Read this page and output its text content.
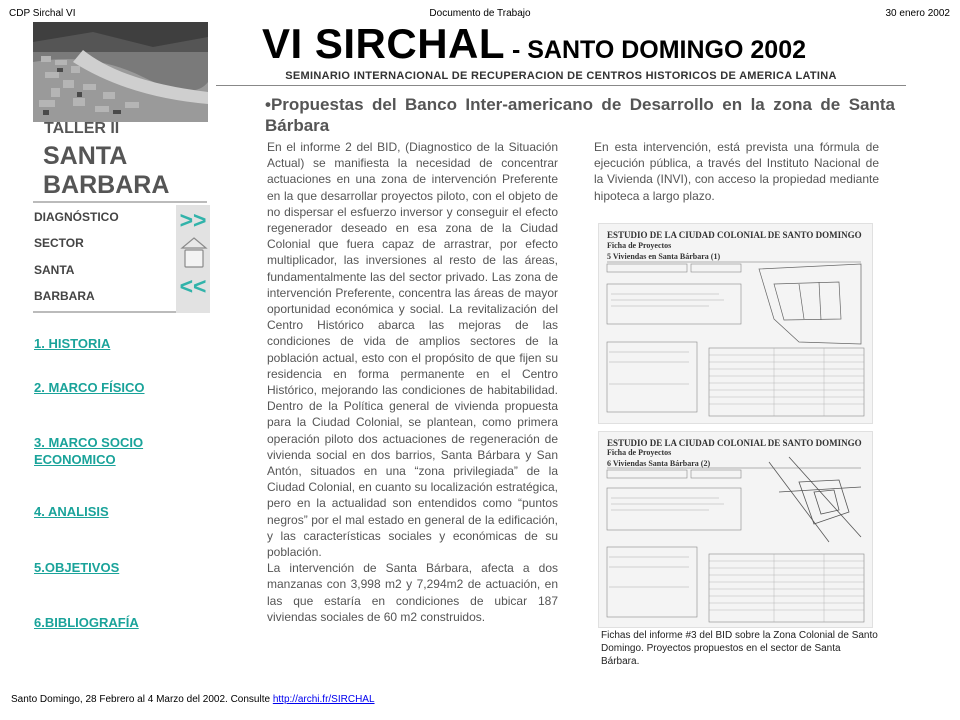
CDP Sirchal VI	Documento de Trabajo	30 enero 2002
VI SIRCHAL - SANTO DOMINGO 2002
SEMINARIO INTERNACIONAL DE RECUPERACION DE CENTROS HISTORICOS DE AMERICA LATINA
•Propuestas del Banco Inter-americano de Desarrollo en la zona de Santa Bárbara
TALLER II
SANTA BARBARA
DIAGNÓSTICO
SECTOR
SANTA
BARBARA
>>
<<
1. HISTORIA
2. MARCO FÍSICO
3. MARCO SOCIO ECONOMICO
4. ANALISIS
5.OBJETIVOS
6.BIBLIOGRAFÍA

En el informe 2 del BID, (Diagnostico de la Situación Actual) se manifiesta la necesidad de concentrar actuaciones en una zona de intervención Preferente en la que desarrollar proyectos piloto, con el objeto de no dispersar el esfuerzo inversor y conseguir el efecto regenerador deseado en esa zona de la Ciudad Colonial que fuera capaz de arrastrar, por efecto multiplicador, las inversiones al resto de las áreas, fundamentalmente las del sector privado. Las zona de intervención Preferente, concentra las áreas de mayor oportunidad económica y social. La revitalización del Centro Histórico abarca las mejoras de las condiciones de vida de amplios sectores de la población actual, esto con el propósito de que fijen su residencia en forma permanente en el Centro Histórico, mejorando las condiciones de habitabilidad. Dentro de la Política general de vivienda propuesta para la Ciudad Colonial, se plantean, como primera operación piloto dos actuaciones de regeneración de vivienda social en dos barrios, Santa Bárbara y San Antón, situados en una “zona privilegiada” de la Ciudad Colonial, en cuanto su localización estratégica, pero en la actualidad son entendidos como “puntos negros” por el mal estado en general de la edificación, y las características sociales y económicas de su población.

La intervención de Santa Bárbara, afecta a dos manzanas con 3,998 m2 y 7,294m2 de actuación, en las que estaría en condiciones de ubicar 187 viviendas sociales de 60 m2 construidos.

En esta intervención, está prevista una fórmula de ejecución pública, a través del Instituto Nacional de la Vivienda (INVI), con acceso la propiedad mediante hipoteca a largo plazo.

ESTUDIO DE LA CIUDAD COLONIAL DE SANTO DOMINGO
Ficha de Proyectos
5 Viviendas en Santa Bárbara (1)
ESTUDIO DE LA CIUDAD COLONIAL DE SANTO DOMINGO
Ficha de Proyectos
6 Viviendas Santa Bárbara (2)
Fichas del informe #3 del BID sobre la Zona Colonial de Santo Domingo. Proyectos propuestos en el sector de Santa Bárbara.
Santo Domingo, 28 Febrero al 4 Marzo del 2002. Consulte http://archi.fr/SIRCHAL
